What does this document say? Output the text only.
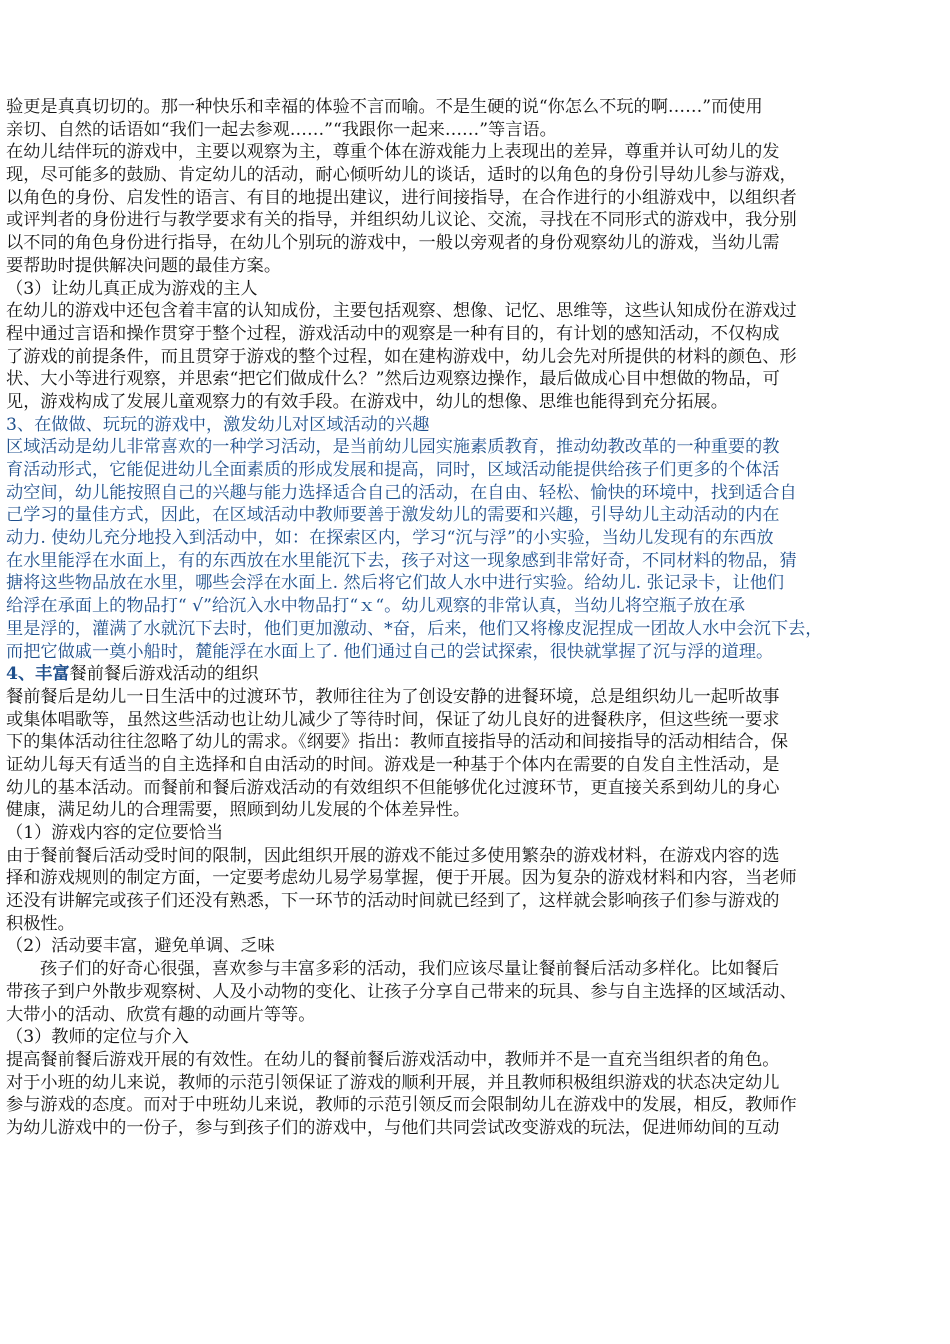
验更是真真切切的。那一种快乐和幸福的体验不言而喻。不是生硬的说“你怎么不玩的啊……”而使用
亲切、自然的话语如“我们一起去参观……”“我跟你一起来……”等言语。
在幼儿结伴玩的游戏中，主要以观察为主，尊重个体在游戏能力上表现出的差异，尊重并认可幼儿的发
现，尽可能多的鼓励、肯定幼儿的活动，耐心倾听幼儿的谈话，适时的以角色的身份引导幼儿参与游戏，
以角色的身份、启发性的语言、有目的地提出建议，进行间接指导，在合作进行的小组游戏中，以组织者
或评判者的身份进行与教学要求有关的指导，并组织幼儿议论、交流，寻找在不同形式的游戏中，我分别
以不同的角色身份进行指导，在幼儿个别玩的游戏中，一般以旁观者的身份观察幼儿的游戏，当幼儿需
要帮助时提供解决问题的最佳方案。
（3）让幼儿真正成为游戏的主人
在幼儿的游戏中还包含着丰富的认知成份，主要包括观察、想像、记忆、思维等，这些认知成份在游戏过
程中通过言语和操作贯穿于整个过程，游戏活动中的观察是一种有目的，有计划的感知活动，不仅构成
了游戏的前提条件，而且贯穿于游戏的整个过程，如在建构游戏中，幼儿会先对所提供的材料的颜色、形
状、大小等进行观察，并思索“把它们做成什么？”然后边观察边操作，最后做成心目中想做的物品，可
见，游戏构成了发展儿童观察力的有效手段。在游戏中，幼儿的想像、思维也能得到充分拓展。
3、在做做、玩玩的游戏中，激发幼儿对区域活动的兴趣
区域活动是幼儿非常喜欢的一种学习活动，是当前幼儿园实施素质教育，推动幼教改革的一种重要的教
育活动形式，它能促进幼儿全面素质的形成发展和提高，同时，区域活动能提供给孩子们更多的个体活
动空间，幼儿能按照自己的兴趣与能力选择适合自己的活动，在自由、轻松、愉快的环境中，找到适合自
己学习的量佳方式，因此，在区域活动中教师要善于激发幼儿的需要和兴趣，引导幼儿主动活动的内在
动力. 使幼儿充分地投入到活动中，如：在探索区内，学习“沉与浮”的小实验，当幼儿发现有的东西放
在水里能浮在水面上，有的东西放在水里能沉下去，孩子对这一现象感到非常好奇，不同材料的物品，猜
搪将这些物品放在水里，哪些会浮在水面上. 然后将它们故人水中进行实验。给幼儿. 张记录卡，让他们
给浮在承面上的物品打“ √”给沉入水中物品打“ｘ“。幼儿观察的非常认真，当幼儿将空瓶子放在承
里是浮的，灌满了水就沉下去时，他们更加激动、*奋，后来，他们又将橡皮泥捏成一团故人水中会沉下去，
而把它做戚一奠小船时，麓能浮在水面上了. 他们通过自己的尝试探索，很快就掌握了沉与浮的道理。
4、丰富餐前餐后游戏活动的组织
餐前餐后是幼儿一日生活中的过渡环节，教师往往为了创设安静的进餐环境，总是组织幼儿一起听故事
或集体唱歌等，虽然这些活动也让幼儿减少了等待时间，保证了幼儿良好的进餐秩序，但这些统一要求
下的集体活动往往忽略了幼儿的需求。《纲要》指出：教师直接指导的活动和间接指导的活动相结合，保
证幼儿每天有适当的自主选择和自由活动的时间。游戏是一种基于个体内在需要的自发自主性活动，是
幼儿的基本活动。而餐前和餐后游戏活动的有效组织不但能够优化过渡环节，更直接关系到幼儿的身心
健康，满足幼儿的合理需要，照顾到幼儿发展的个体差异性。
（1）游戏内容的定位要恰当
由于餐前餐后活动受时间的限制，因此组织开展的游戏不能过多使用繁杂的游戏材料，在游戏内容的选
择和游戏规则的制定方面，一定要考虑幼儿易学易掌握，便于开展。因为复杂的游戏材料和内容，当老师
还没有讲解完或孩子们还没有熟悉，下一环节的活动时间就已经到了，这样就会影响孩子们参与游戏的
积极性。
（2）活动要丰富，避免单调、乏味
孩子们的好奇心很强，喜欢参与丰富多彩的活动，我们应该尽量让餐前餐后活动多样化。比如餐后
带孩子到户外散步观察树、人及小动物的变化、让孩子分享自己带来的玩具、参与自主选择的区域活动、
大带小的活动、欣赏有趣的动画片等等。
（3）教师的定位与介入
提高餐前餐后游戏开展的有效性。在幼儿的餐前餐后游戏活动中，教师并不是一直充当组织者的角色。
对于小班的幼儿来说，教师的示范引领保证了游戏的顺利开展，并且教师积极组织游戏的状态决定幼儿
参与游戏的态度。而对于中班幼儿来说，教师的示范引领反而会限制幼儿在游戏中的发展，相反，教师作
为幼儿游戏中的一份子，参与到孩子们的游戏中，与他们共同尝试改变游戏的玩法，促进师幼间的互动
